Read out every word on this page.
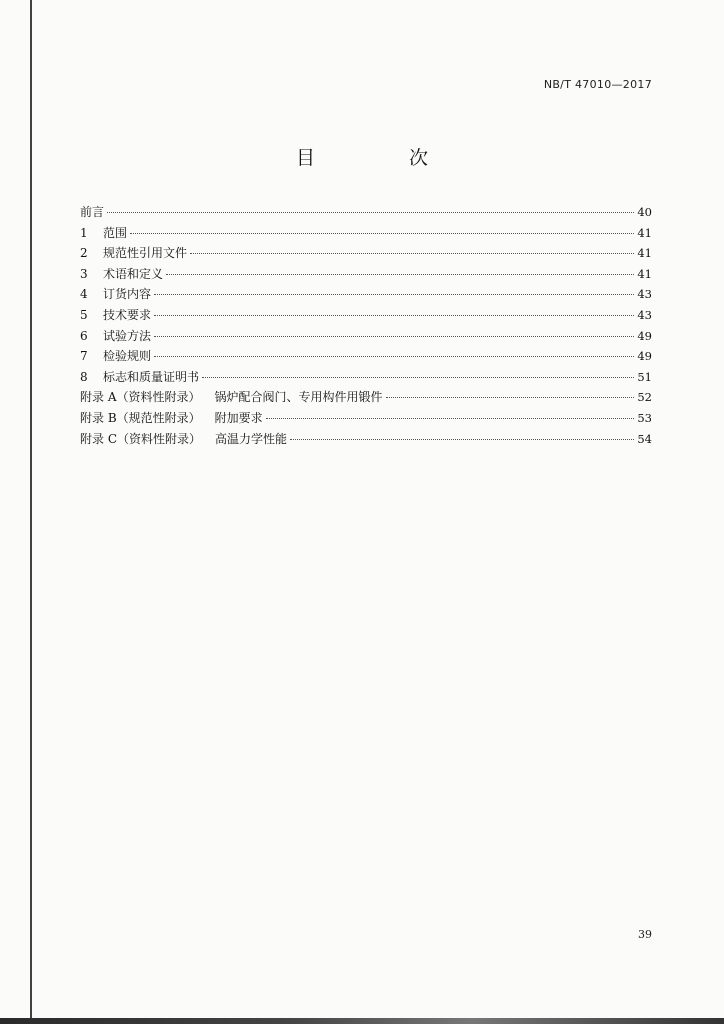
NB/T 47010—2017
目 次
前言	40
1 范围	41
2 规范性引用文件	41
3 术语和定义	41
4 订货内容	43
5 技术要求	43
6 试验方法	49
7 检验规则	49
8 标志和质量证明书	51
附录 A（资料性附录） 锅炉配合阀门、专用构件用锻件	52
附录 B（规范性附录） 附加要求	53
附录 C（资料性附录） 高温力学性能	54
39
